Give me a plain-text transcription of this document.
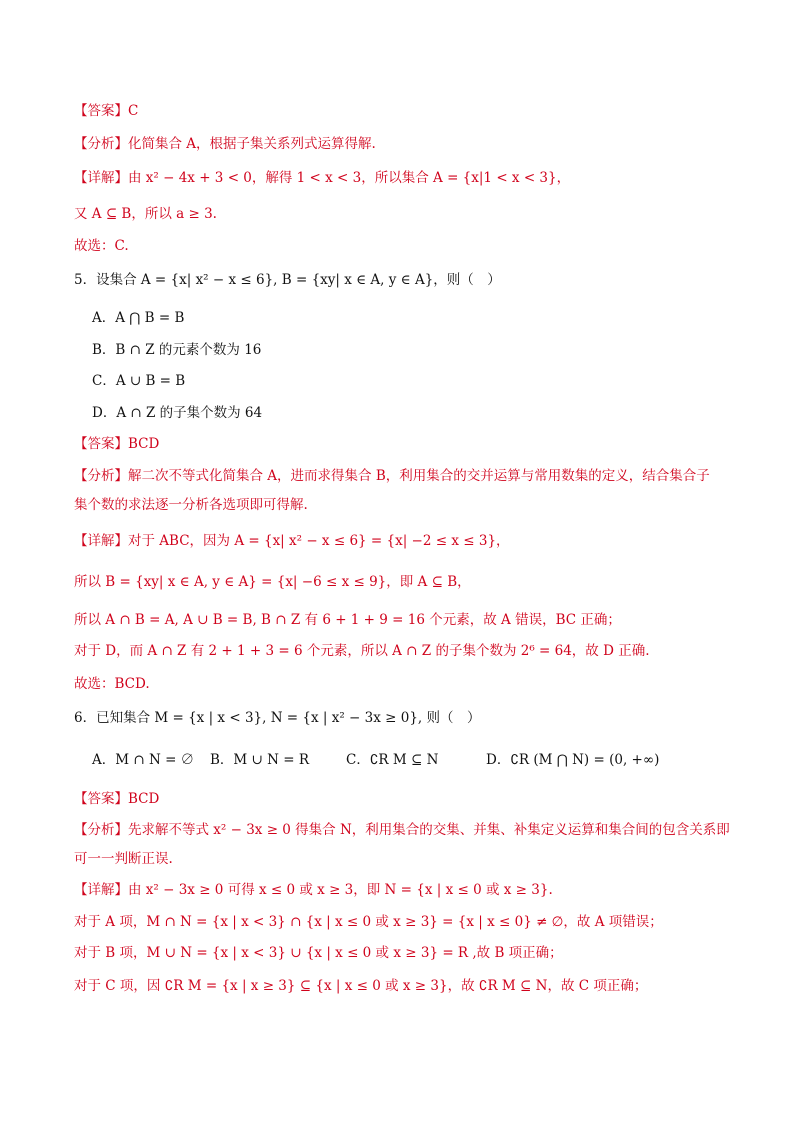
【答案】C
【分析】化简集合 A，根据子集关系列式运算得解.
【详解】由 x² − 4x + 3 < 0，解得 1 < x < 3，所以集合 A = {x|1 < x < 3}，
又 A ⊆ B，所以 a ≥ 3.
故选：C.
5．设集合 A = {x| x² − x ≤ 6}, B = {xy| x ∈ A, y ∈ A}，则（　）
A．A ⋂ B = B
B．B ∩ Z 的元素个数为 16
C．A ∪ B = B
D．A ∩ Z 的子集个数为 64
【答案】BCD
【分析】解二次不等式化简集合 A，进而求得集合 B，利用集合的交并运算与常用数集的定义，结合集合子
集个数的求法逐一分析各选项即可得解.
【详解】对于 ABC，因为 A = {x| x² − x ≤ 6} = {x| −2 ≤ x ≤ 3}，
所以 B = {xy| x ∈ A, y ∈ A} = {x| −6 ≤ x ≤ 9}，即 A ⊆ B，
所以 A ∩ B = A, A ∪ B = B, B ∩ Z 有 6 + 1 + 9 = 16 个元素，故 A 错误，BC 正确；
对于 D，而 A ∩ Z 有 2 + 1 + 3 = 6 个元素，所以 A ∩ Z 的子集个数为 2⁶ = 64，故 D 正确.
故选：BCD.
6．已知集合 M = {x | x < 3}, N = {x | x² − 3x ≥ 0}, 则（　）
A．M ∩ N = ∅ B．M ∪ N = R	C．∁R M ⊆ N	D．∁R (M ⋂ N) = (0, +∞)
【答案】BCD
【分析】先求解不等式 x² − 3x ≥ 0 得集合 N，利用集合的交集、并集、补集定义运算和集合间的包含关系即
可一一判断正误.
【详解】由 x² − 3x ≥ 0 可得 x ≤ 0 或 x ≥ 3，即 N = {x | x ≤ 0 或 x ≥ 3}.
对于 A 项，M ∩ N = {x | x < 3} ∩ {x | x ≤ 0 或 x ≥ 3} = {x | x ≤ 0} ≠ ∅，故 A 项错误；
对于 B 项，M ∪ N = {x | x < 3} ∪ {x | x ≤ 0 或 x ≥ 3} = R ,故 B 项正确；
对于 C 项，因 ∁R M = {x | x ≥ 3} ⊆ {x | x ≤ 0 或 x ≥ 3}，故 ∁R M ⊆ N，故 C 项正确；
